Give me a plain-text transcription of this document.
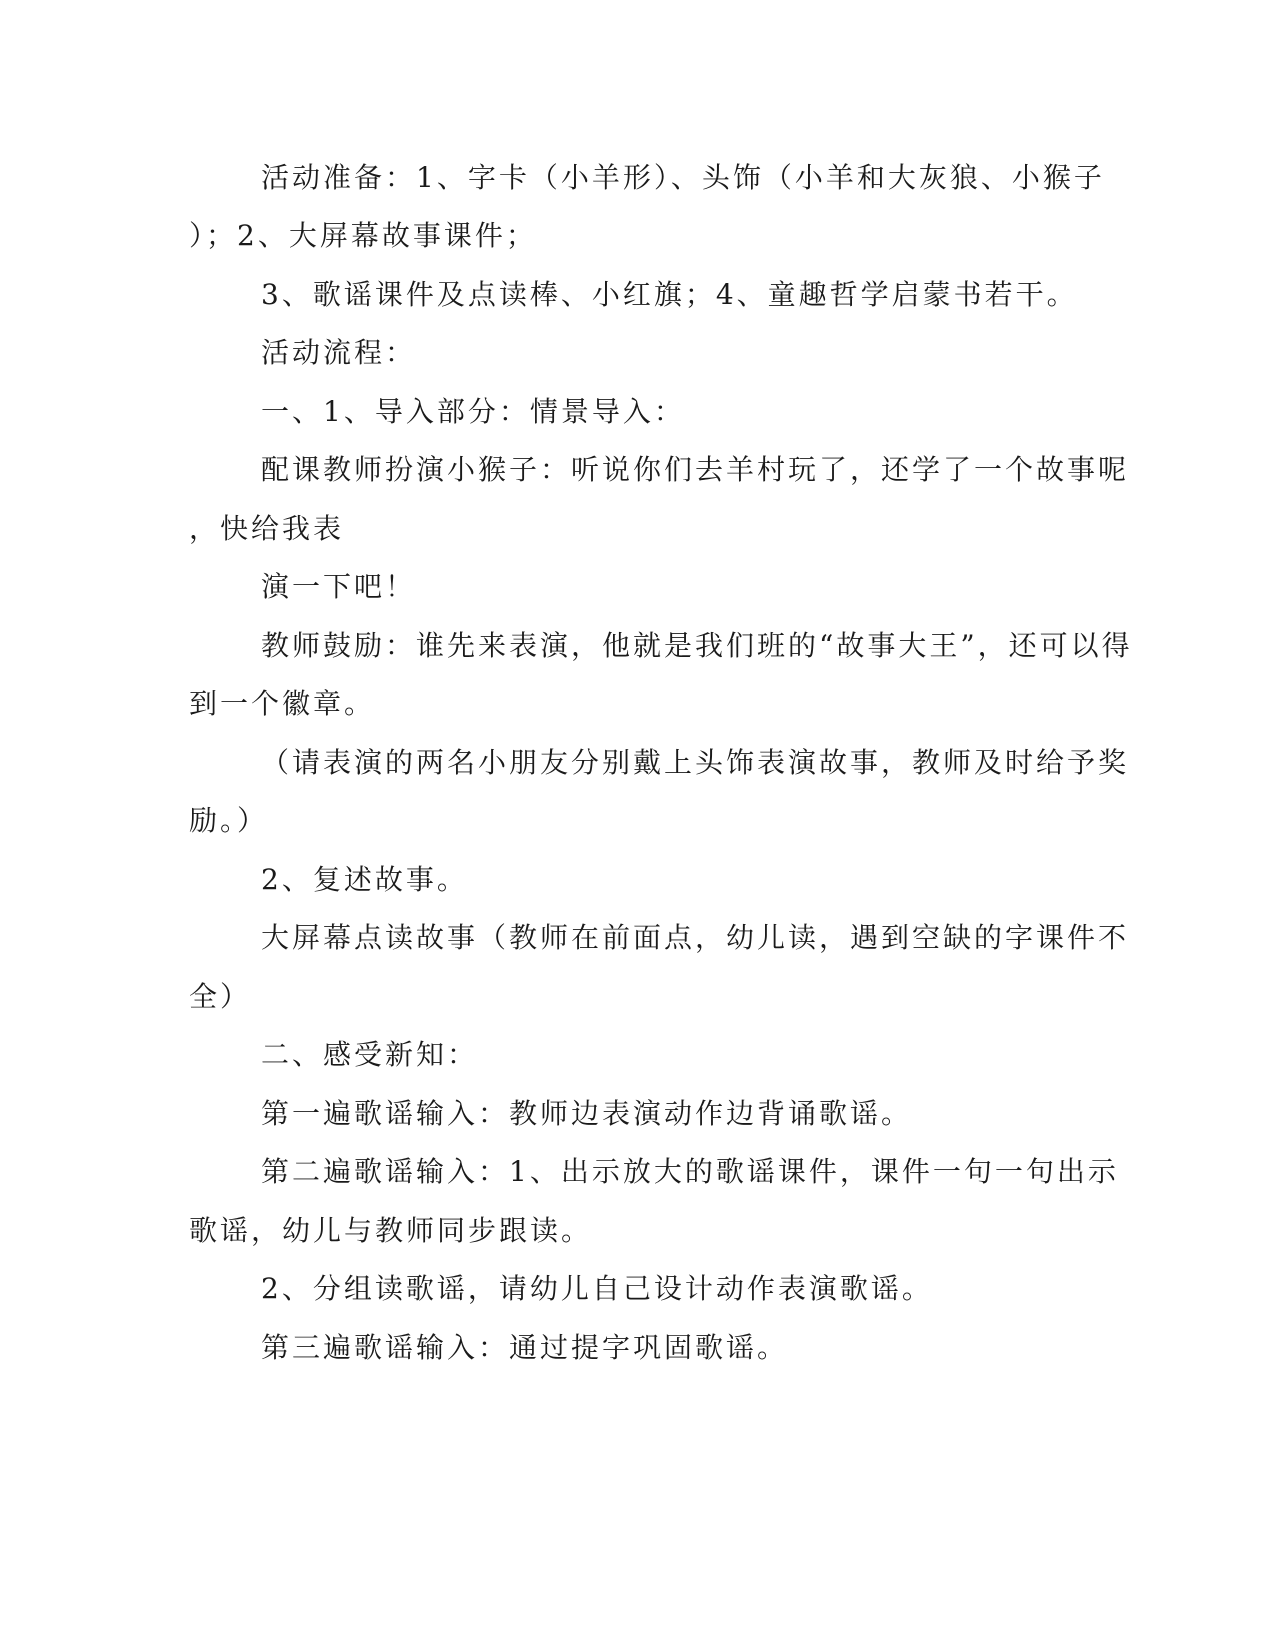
活动准备：1、字卡（小羊形）、头饰（小羊和大灰狼、小猴子
）；2、大屏幕故事课件；
3、歌谣课件及点读棒、小红旗；4、童趣哲学启蒙书若干。
活动流程：
一、1、导入部分：情景导入：
配课教师扮演小猴子：听说你们去羊村玩了，还学了一个故事呢
，快给我表
演一下吧！
教师鼓励：谁先来表演，他就是我们班的“故事大王”，还可以得
到一个徽章。
（请表演的两名小朋友分别戴上头饰表演故事，教师及时给予奖
励。）
2、复述故事。
大屏幕点读故事（教师在前面点，幼儿读，遇到空缺的字课件不
全）
二、感受新知：
第一遍歌谣输入：教师边表演动作边背诵歌谣。
第二遍歌谣输入：1、出示放大的歌谣课件，课件一句一句出示
歌谣，幼儿与教师同步跟读。
2、分组读歌谣，请幼儿自己设计动作表演歌谣。
第三遍歌谣输入：通过提字巩固歌谣。
